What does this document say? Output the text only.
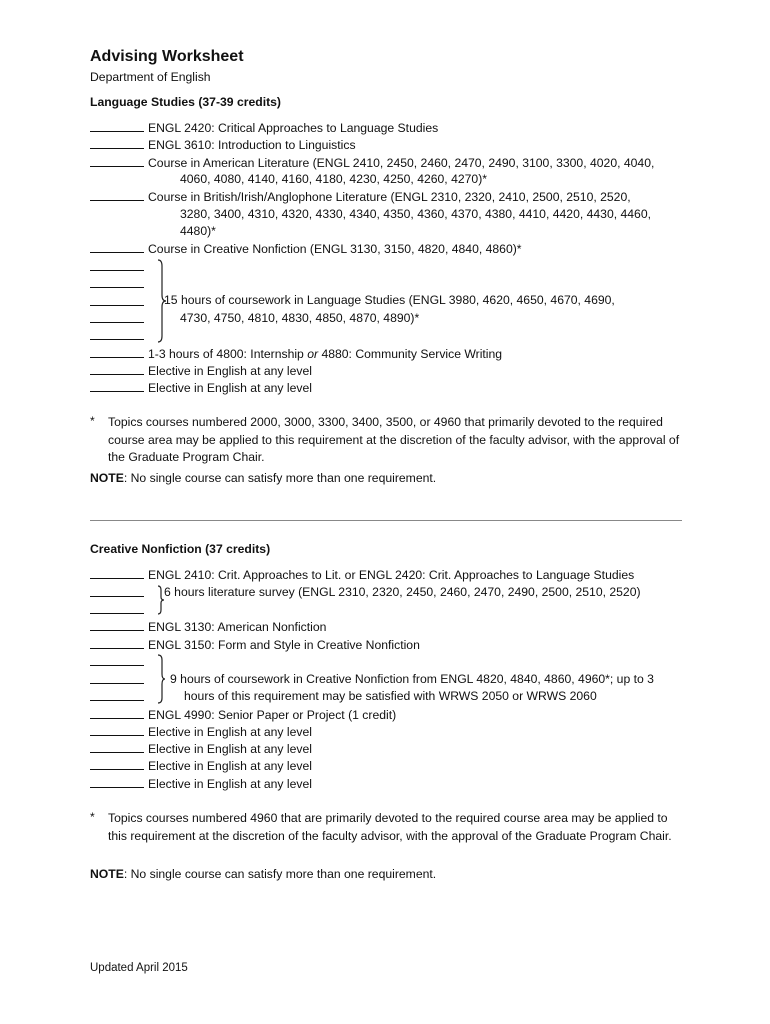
Advising Worksheet
Department of English
Language Studies (37-39 credits)
ENGL 2420: Critical Approaches to Language Studies
ENGL 3610: Introduction to Linguistics
Course in American Literature (ENGL 2410, 2450, 2460, 2470, 2490, 3100, 3300, 4020, 4040,
4060, 4080, 4140, 4160, 4180, 4230, 4250, 4260, 4270)*
Course in British/Irish/Anglophone Literature (ENGL 2310, 2320, 2410, 2500, 2510, 2520,
3280, 3400, 4310, 4320, 4330, 4340, 4350, 4360, 4370, 4380, 4410, 4420, 4430, 4460,
4480)*
Course in Creative Nonfiction (ENGL 3130, 3150, 4820, 4840, 4860)*
15 hours of coursework in Language Studies (ENGL 3980, 4620, 4650, 4670, 4690,
4730, 4750, 4810, 4830, 4850, 4870, 4890)*
1-3 hours of 4800: Internship or 4880: Community Service Writing
Elective in English at any level
Elective in English at any level
* Topics courses numbered 2000, 3000, 3300, 3400, 3500, or 4960 that primarily devoted to the required course area may be applied to this requirement at the discretion of the faculty advisor, with the approval of the Graduate Program Chair.
NOTE: No single course can satisfy more than one requirement.
Creative Nonfiction (37 credits)
ENGL 2410: Crit. Approaches to Lit. or ENGL 2420: Crit. Approaches to Language Studies
6 hours literature survey (ENGL 2310, 2320, 2450, 2460, 2470, 2490, 2500, 2510, 2520)
ENGL 3130: American Nonfiction
ENGL 3150: Form and Style in Creative Nonfiction
9 hours of coursework in Creative Nonfiction from ENGL 4820, 4840, 4860, 4960*; up to 3
hours of this requirement may be satisfied with WRWS 2050 or WRWS 2060
ENGL 4990: Senior Paper or Project (1 credit)
Elective in English at any level
Elective in English at any level
Elective in English at any level
Elective in English at any level
* Topics courses numbered 4960 that are primarily devoted to the required course area may be applied to this requirement at the discretion of the faculty advisor, with the approval of the Graduate Program Chair.
NOTE: No single course can satisfy more than one requirement.
Updated April 2015
